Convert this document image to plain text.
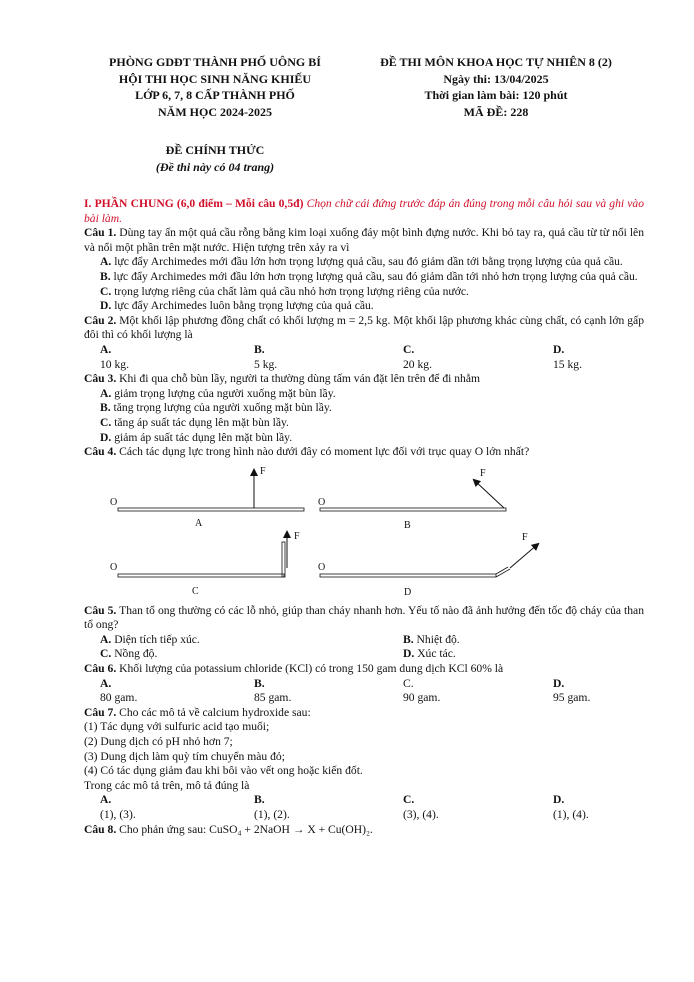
PHÒNG GDĐT THÀNH PHỐ UÔNG BÍ
HỘI THI HỌC SINH NĂNG KHIẾU
LỚP 6, 7, 8 CẤP THÀNH PHỐ
NĂM HỌC 2024-2025
ĐỀ THI MÔN KHOA HỌC TỰ NHIÊN 8 (2)
Ngày thi: 13/04/2025
Thời gian làm bài: 120 phút
MÃ ĐỀ: 228
ĐỀ CHÍNH THỨC
(Đề thi này có 04 trang)

I. PHẦN CHUNG (6,0 điểm – Mỗi câu 0,5đ) Chọn chữ cái đứng trước đáp án đúng trong mỗi câu hỏi sau và ghi vào bài làm.

Câu 1. Dùng tay ấn một quả cầu rỗng bằng kim loại xuống đáy một bình đựng nước. Khi bỏ tay ra, quả cầu từ từ nổi lên và nổi một phần trên mặt nước. Hiện tượng trên xảy ra vì

A. lực đẩy Archimedes mới đầu lớn hơn trọng lượng quả cầu, sau đó giảm dần tới bằng trọng lượng của quả cầu.

B. lực đẩy Archimedes mới đầu lớn hơn trọng lượng quả cầu, sau đó giảm dần tới nhỏ hơn trọng lượng của quả cầu.

C. trọng lượng riêng của chất làm quả cầu nhỏ hơn trọng lượng riêng của nước.

D. lực đẩy Archimedes luôn bằng trọng lượng của quả cầu.

Câu 2. Một khối lập phương đồng chất có khối lượng m = 2,5 kg. Một khối lập phương khác cùng chất, có cạnh lớn gấp đôi thì có khối lượng là

A.
10 kg.
B.
5 kg.
C.
20 kg.
D.
15 kg.

Câu 3. Khi đi qua chỗ bùn lầy, người ta thường dùng tấm ván đặt lên trên để đi nhằm

A. giảm trọng lượng của người xuống mặt bùn lầy.

B. tăng trọng lượng của người xuống mặt bùn lầy.

C. tăng áp suất tác dụng lên mặt bùn lầy.

D. giảm áp suất tác dụng lên mặt bùn lầy.

Câu 4. Cách tác dụng lực trong hình nào dưới đây có moment lực đối với trục quay O lớn nhất?

O
F
A
O
F
B
O
F
C
O
F
D

Câu 5. Than tổ ong thường có các lỗ nhỏ, giúp than cháy nhanh hơn. Yếu tố nào đã ảnh hưởng đến tốc độ cháy của than tổ ong?

A. Diện tích tiếp xúc.	B. Nhiệt độ.
C. Nồng độ.	D. Xúc tác.

Câu 6. Khối lượng của potassium chloride (KCl) có trong 150 gam dung dịch KCl 60% là

A.
80 gam.
B.
85 gam.
C.
90 gam.
D.
95 gam.

Câu 7. Cho các mô tả về calcium hydroxide sau:

(1) Tác dụng với sulfuric acid tạo muối;

(2) Dung dịch có pH nhỏ hơn 7;

(3) Dung dịch làm quỳ tím chuyển màu đỏ;

(4) Có tác dụng giảm đau khi bôi vào vết ong hoặc kiến đốt.

Trong các mô tả trên, mô tả đúng là

A.
(1), (3).
B.
(1), (2).
C.
(3), (4).
D.
(1), (4).

Câu 8. Cho phản ứng sau: CuSO₄ + 2NaOH → X + Cu(OH)₂.
